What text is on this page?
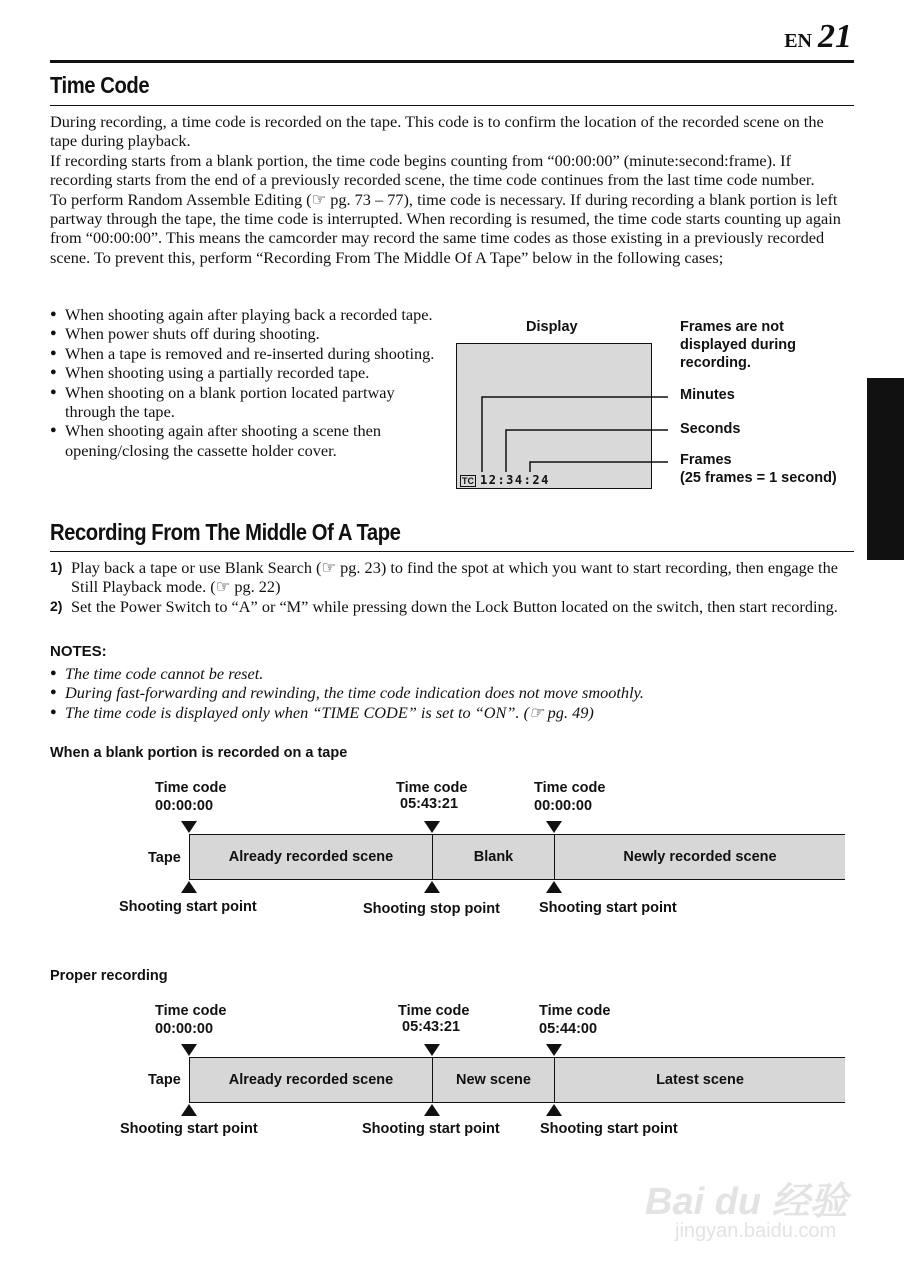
EN 21
Time Code

During recording, a time code is recorded on the tape. This code is to confirm the location of the recorded scene on the tape during playback.

If recording starts from a blank portion, the time code begins counting from “00:00:00” (minute:second:frame). If recording starts from the end of a previously recorded scene, the time code continues from the last time code number.

To perform Random Assemble Editing (☞ pg. 73 – 77), time code is necessary. If during recording a blank portion is left partway through the tape, the time code is interrupted. When recording is resumed, the time code starts counting up again from “00:00:00”. This means the camcorder may record the same time codes as those existing in a previously recorded scene. To prevent this, perform “Recording From The Middle Of A Tape” below in the following cases;

● When shooting again after playing back a recorded tape.
● When power shuts off during shooting.
● When a tape is removed and re-inserted during shooting.
● When shooting using a partially recorded tape.
● When shooting on a blank portion located partway through the tape.
● When shooting again after shooting a scene then opening/closing the cassette holder cover.
Display	Frames are not displayed during recording.
TC 12:34:24
Minutes
Seconds
Frames
(25 frames = 1 second)
Recording From The Middle Of A Tape
1) Play back a tape or use Blank Search (☞ pg. 23) to find the spot at which you want to start recording, then engage the Still Playback mode. (☞ pg. 22)
2) Set the Power Switch to “A” or “M” while pressing down the Lock Button located on the switch, then start recording.
NOTES:
● The time code cannot be reset.
● During fast-forwarding and rewinding, the time code indication does not move smoothly.
● The time code is displayed only when “TIME CODE” is set to “ON”. (☞ pg. 49)
When a blank portion is recorded on a tape
Time code
00:00:00
Time code
05:43:21
Time code
00:00:00
Tape	Already recorded scene	Blank	Newly recorded scene
Shooting start point	Shooting stop point	Shooting start point
Proper recording
Time code
00:00:00
Time code
05:43:21
Time code
05:44:00
Tape	Already recorded scene	New scene	Latest scene
Shooting start point	Shooting start point	Shooting start point
Bai du 经验
jingyan.baidu.com
